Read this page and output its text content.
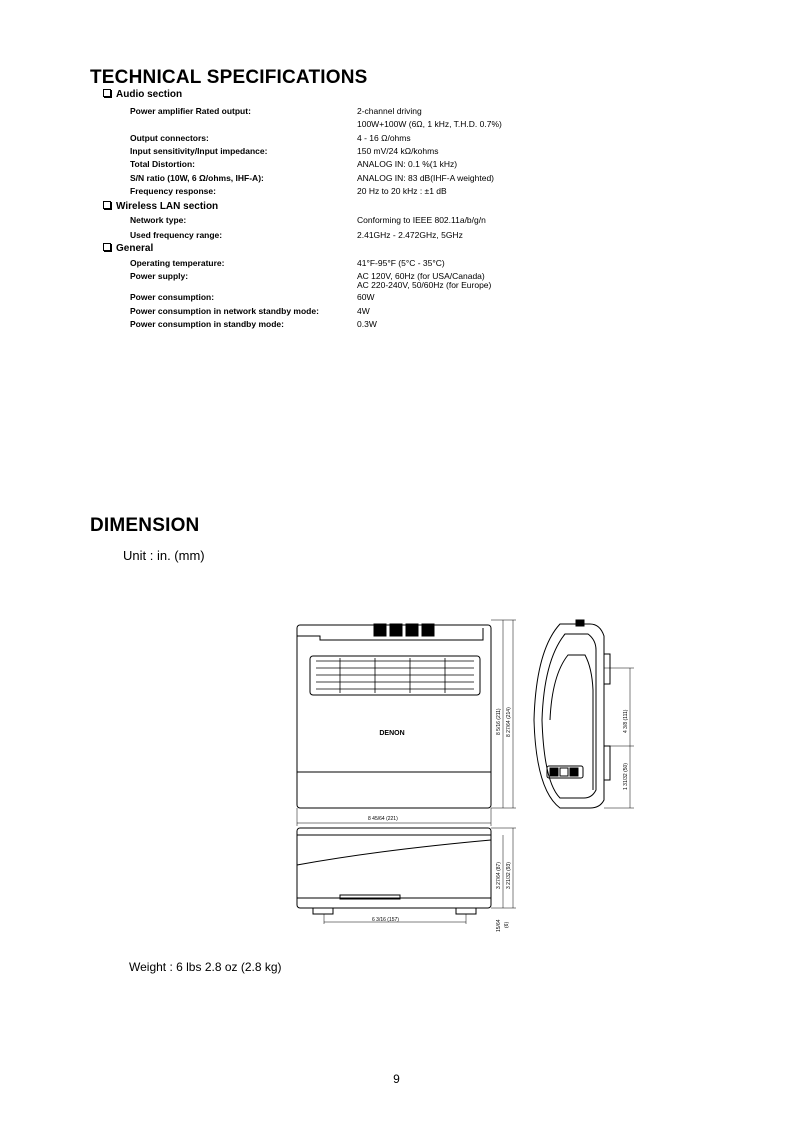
TECHNICAL SPECIFICATIONS
Audio section
Power amplifier Rated output:	2-channel driving
100W+100W (6Ω, 1 kHz, T.H.D. 0.7%)
Output connectors:	4 - 16 Ω/ohms
Input sensitivity/Input impedance:	150 mV/24 kΩ/kohms
Total Distortion:	ANALOG IN: 0.1 %(1 kHz)
S/N ratio (10W, 6 Ω/ohms, IHF-A):	ANALOG IN: 83 dB(IHF-A weighted)
Frequency response:	20 Hz to 20 kHz : ±1 dB
Wireless LAN section
Network type:	Conforming to IEEE 802.11a/b/g/n
Used frequency range:	2.41GHz - 2.472GHz, 5GHz
General
Operating temperature:	41°F-95°F (5°C - 35°C)
Power supply:	AC 120V, 60Hz (for USA/Canada)
AC 220-240V, 50/60Hz (for Europe)
Power consumption:	60W
Power consumption in network standby mode:	4W
Power consumption in standby mode:	0.3W
DIMENSION
Unit : in. (mm)
DENON
8 45/64 (221)
6 3/16 (157)
8 5/16 (211) 8 27/64 (214)	4 3/8 (111)
1 31/32 (50)
3 27/64 (87) 3 21/32 (93)
15/64 (6)
Weight : 6 lbs 2.8 oz (2.8 kg)
9
